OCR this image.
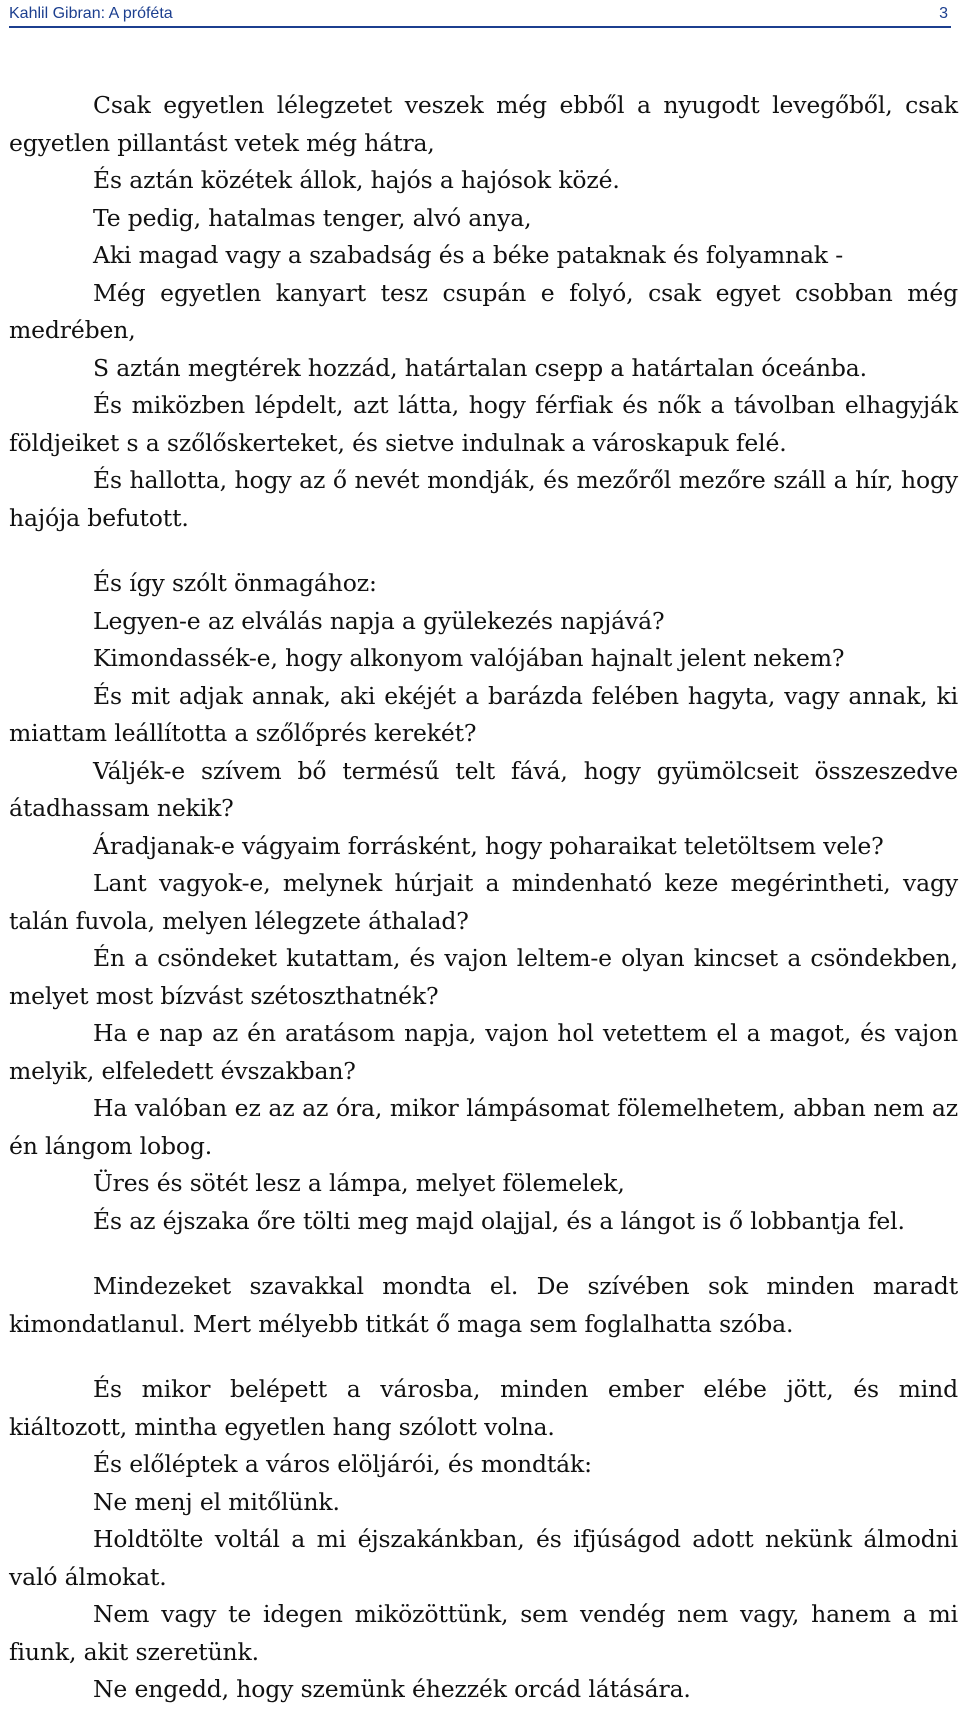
Kahlil Gibran: A próféta	3

Csak egyetlen lélegzetet veszek még ebből a nyugodt levegőből, csak egyetlen pillantást vetek még hátra,

És aztán közétek állok, hajós a hajósok közé.

Te pedig, hatalmas tenger, alvó anya,

Aki magad vagy a szabadság és a béke pataknak és folyamnak -

Még egyetlen kanyart tesz csupán e folyó, csak egyet csobban még medrében,

S aztán megtérek hozzád, határtalan csepp a határtalan óceánba.

És miközben lépdelt, azt látta, hogy férfiak és nők a távolban elhagyják földjeiket s a szőlőskerteket, és sietve indulnak a városkapuk felé.

És hallotta, hogy az ő nevét mondják, és mezőről mezőre száll a hír, hogy hajója befutott.

És így szólt önmagához:

Legyen-e az elválás napja a gyülekezés napjává?

Kimondassék-e, hogy alkonyom valójában hajnalt jelent nekem?

És mit adjak annak, aki ekéjét a barázda felében hagyta, vagy annak, ki miattam leállította a szőlőprés kerekét?

Váljék-e szívem bő termésű telt fává, hogy gyümölcseit összeszedve átadhassam nekik?

Áradjanak-e vágyaim forrásként, hogy poharaikat teletöltsem vele?

Lant vagyok-e, melynek húrjait a mindenható keze megérintheti, vagy talán fuvola, melyen lélegzete áthalad?

Én a csöndeket kutattam, és vajon leltem-e olyan kincset a csöndekben, melyet most bízvást szétoszthatnék?

Ha e nap az én aratásom napja, vajon hol vetettem el a magot, és vajon melyik, elfeledett évszakban?

Ha valóban ez az az óra, mikor lámpásomat fölemelhetem, abban nem az én lángom lobog.

Üres és sötét lesz a lámpa, melyet fölemelek,

És az éjszaka őre tölti meg majd olajjal, és a lángot is ő lobbantja fel.

Mindezeket szavakkal mondta el. De szívében sok minden maradt kimondatlanul. Mert mélyebb titkát ő maga sem foglalhatta szóba.

És mikor belépett a városba, minden ember elébe jött, és mind kiáltozott, mintha egyetlen hang szólott volna.

És előléptek a város elöljárói, és mondták:

Ne menj el mitőlünk.

Holdtölte voltál a mi éjszakánkban, és ifjúságod adott nekünk álmodni való álmokat.

Nem vagy te idegen miközöttünk, sem vendég nem vagy, hanem a mi fiunk, akit szeretünk.

Ne engedd, hogy szemünk éhezzék orcád látására.
